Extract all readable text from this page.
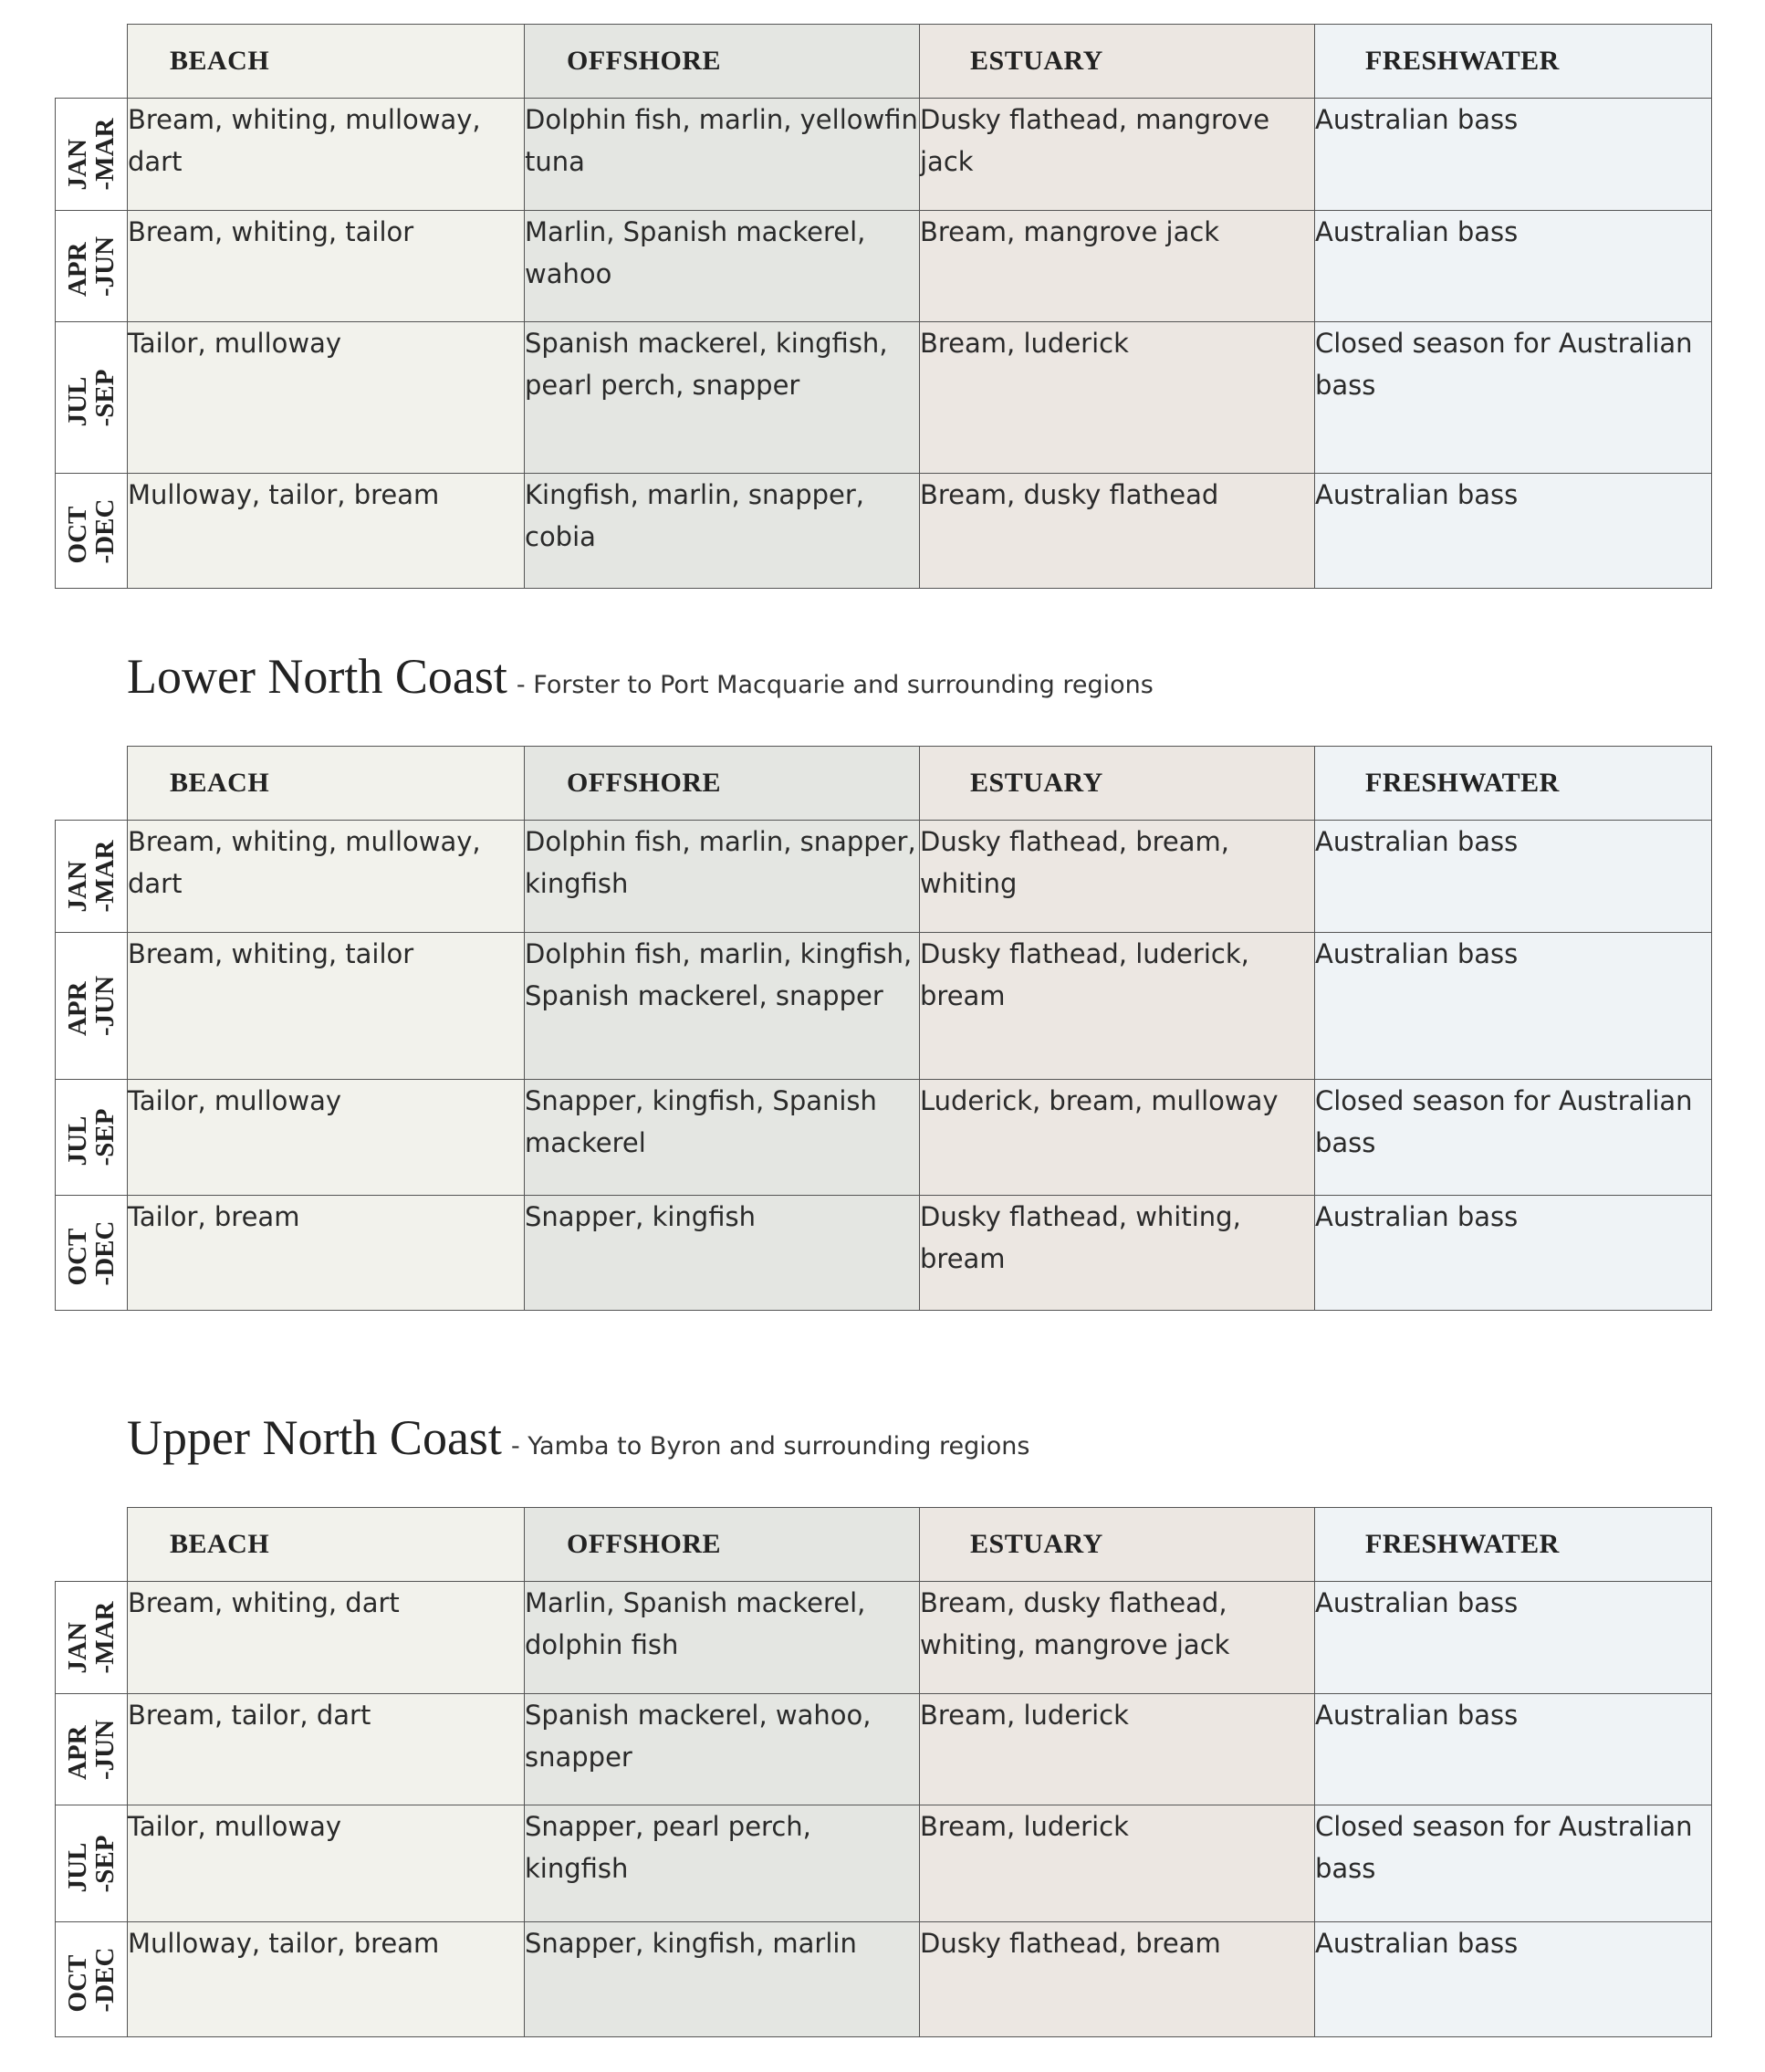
	BEACH	OFFSHORE	ESTUARY	FRESHWATER

JAN
-MAR	Bream, whiting, mulloway, dart	Dolphin fish, marlin, yellowfin tuna	Dusky flathead, mangrove jack	Australian bass

APR
-JUN	Bream, whiting, tailor	Marlin, Spanish mackerel, wahoo	Bream, mangrove jack	Australian bass

JUL
-SEP	Tailor, mulloway	Spanish mackerel, kingfish, pearl perch, snapper	Bream, luderick	Closed season for Australian bass

OCT
-DEC	Mulloway, tailor, bream	Kingfish, marlin, snapper, cobia	Bream, dusky flathead	Australian bass
Lower North Coast - Forster to Port Macquarie and surrounding regions
	BEACH	OFFSHORE	ESTUARY	FRESHWATER

JAN
-MAR	Bream, whiting, mulloway, dart	Dolphin fish, marlin, snapper, kingfish	Dusky flathead, bream, whiting	Australian bass

APR
-JUN	Bream, whiting, tailor	Dolphin fish, marlin, kingfish, Spanish mackerel, snapper	Dusky flathead, luderick, bream	Australian bass

JUL
-SEP	Tailor, mulloway	Snapper, kingfish, Spanish mackerel	Luderick, bream, mulloway	Closed season for Australian bass

OCT
-DEC	Tailor, bream	Snapper, kingfish	Dusky flathead, whiting, bream	Australian bass
Upper North Coast - Yamba to Byron and surrounding regions
	BEACH	OFFSHORE	ESTUARY	FRESHWATER

JAN
-MAR	Bream, whiting, dart	Marlin, Spanish mackerel, dolphin fish	Bream, dusky flathead, whiting, mangrove jack	Australian bass

APR
-JUN	Bream, tailor, dart	Spanish mackerel, wahoo, snapper	Bream, luderick	Australian bass

JUL
-SEP	Tailor, mulloway	Snapper, pearl perch, kingfish	Bream, luderick	Closed season for Australian bass

OCT
-DEC	Mulloway, tailor, bream	Snapper, kingfish, marlin	Dusky flathead, bream	Australian bass
